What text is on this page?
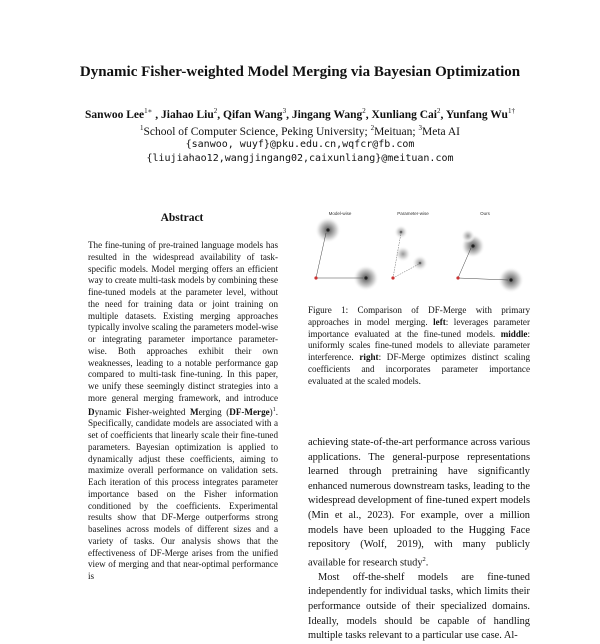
Dynamic Fisher-weighted Model Merging via Bayesian Optimization
Sanwoo Lee$^{1∗}$ , Jiahao Liu$^2$, Qifan Wang$^3$, Jingang Wang$^2$, Xunliang Cai$^2$, Yunfang $Wu^{1\dagger}$
$^1$School of Computer Science, Peking University; $^2$Meituan; $^3$Meta AI
{sanwoo, wuyf}@pku.edu.cn,wqfcr@fb.com
{liujiahao12,wangjingang02,caixunliang}@meituan.com
Abstract
The fine-tuning of pre-trained language models has resulted in the widespread availability of task-specific models. Model merging offers an efficient way to create multi-task models by combining these fine-tuned models at the parameter level, without the need for training data or joint training on multiple datasets. Existing merging approaches typically involve scaling the parameters model-wise or integrating parameter importance parameter-wise. Both approaches exhibit their own weaknesses, leading to a notable performance gap compared to multi-task fine-tuning. In this paper, we unify these seemingly distinct strategies into a more general merging framework, and introduce Dynamic Fisher-weighted Merging (DF-Merge)$^1$. Specifically, candidate models are associated with a set of coefficients that linearly scale their fine-tuned parameters. Bayesian optimization is applied to dynamically adjust these coefficients, aiming to maximize overall performance on validation sets. Each iteration of this process integrates parameter importance based on the Fisher information conditioned by the coefficients. Experimental results show that DF-Merge outperforms strong baselines across models of different sizes and a variety of tasks. Our analysis shows that the effectiveness of DF-Merge arises from the unified view of merging and that near-optimal performance is
Model-wise	Parameter-wise	Ours
Figure 1: Comparison of DF-Merge with primary approaches in model merging. left: leverages parameter importance evaluated at the fine-tuned models. middle: uniformly scales fine-tuned models to alleviate parameter interference. right: DF-Merge optimizes distinct scaling coefficients and incorporates parameter importance evaluated at the scaled models.

achieving state-of-the-art performance across various applications. The general-purpose representations learned through pretraining have significantly enhanced numerous downstream tasks, leading to the widespread development of fine-tuned expert models (Min et al., 2023). For example, over a million models have been uploaded to the Hugging Face repository (Wolf, 2019), with many publicly available for research study$^2$.

Most off-the-shelf models are fine-tuned independently for individual tasks, which limits their performance outside of their specialized domains. Ideally, models should be capable of handling multiple tasks relevant to a particular use case. Al-
